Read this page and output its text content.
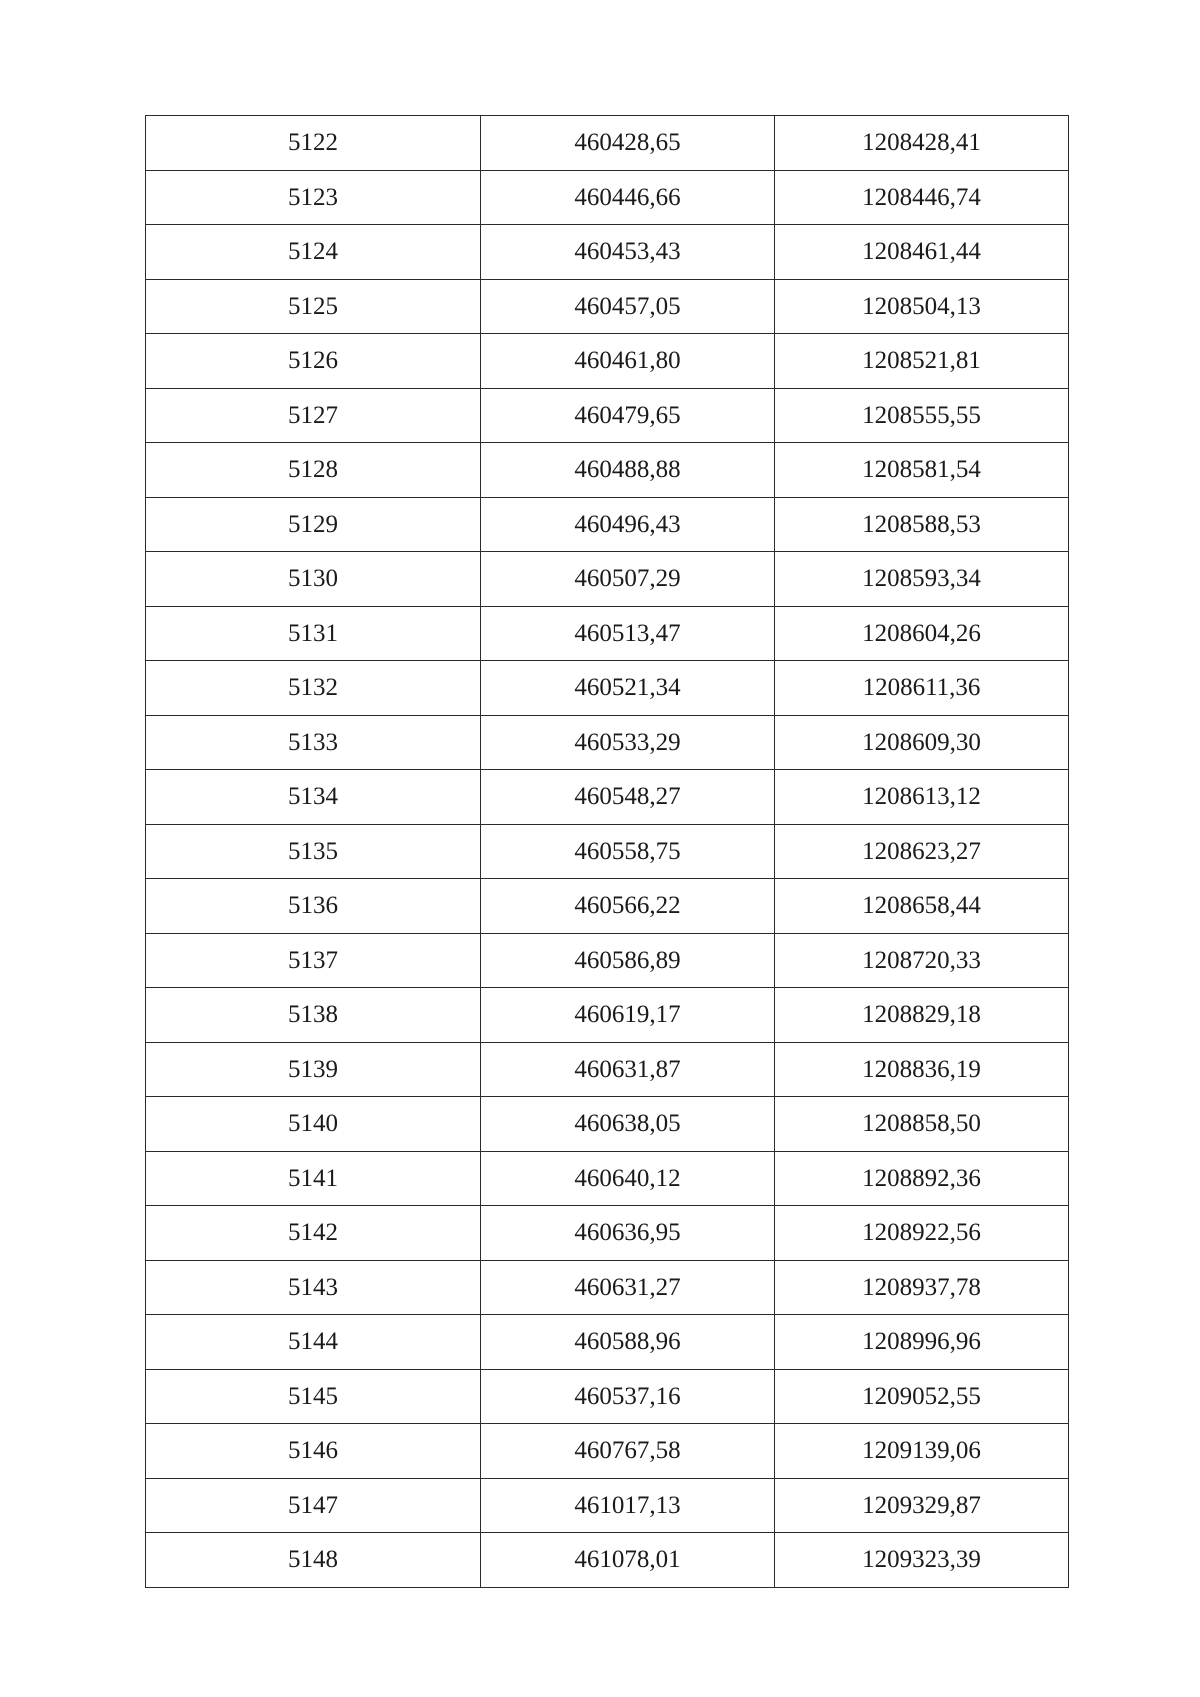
5122	460428,65	1208428,41
5123	460446,66	1208446,74
5124	460453,43	1208461,44
5125	460457,05	1208504,13
5126	460461,80	1208521,81
5127	460479,65	1208555,55
5128	460488,88	1208581,54
5129	460496,43	1208588,53
5130	460507,29	1208593,34
5131	460513,47	1208604,26
5132	460521,34	1208611,36
5133	460533,29	1208609,30
5134	460548,27	1208613,12
5135	460558,75	1208623,27
5136	460566,22	1208658,44
5137	460586,89	1208720,33
5138	460619,17	1208829,18
5139	460631,87	1208836,19
5140	460638,05	1208858,50
5141	460640,12	1208892,36
5142	460636,95	1208922,56
5143	460631,27	1208937,78
5144	460588,96	1208996,96
5145	460537,16	1209052,55
5146	460767,58	1209139,06
5147	461017,13	1209329,87
5148	461078,01	1209323,39
